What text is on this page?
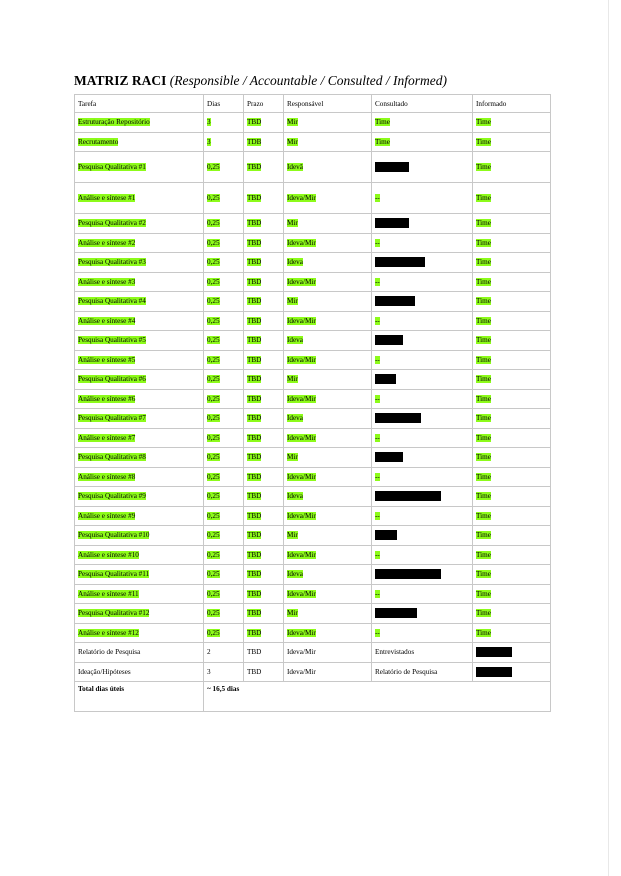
MATRIZ RACI (Responsible / Accountable / Consulted / Informed)
Tarefa	Dias	Prazo	Responsável	Consultado	Informado
Estruturação Repositório	3	TBD	Mir	Time	Time
Recrutamento	3	TDB	Mir	Time	Time
Pesquisa Qualitativa #1	0,25	TBD	Idevã		Time
Análise e síntese #1	0,25	TBD	Ideva/Mir	--	Time
Pesquisa Qualitativa #2	0,25	TBD	Mir		Time
Análise e síntese #2	0,25	TBD	Ideva/Mir	--	Time
Pesquisa Qualitativa #3	0,25	TBD	Ideva		Time
Análise e síntese #3	0,25	TBD	Ideva/Mir	--	Time
Pesquisa Qualitativa #4	0,25	TBD	Mir		Time
Análise e síntese #4	0,25	TBD	Ideva/Mir	--	Time
Pesquisa Qualitativa #5	0,25	TBD	Ideva		Time
Análise e síntese #5	0,25	TBD	Ideva/Mir	--	Time
Pesquisa Qualitativa #6	0,25	TBD	Mir		Time
Análise e síntese #6	0,25	TBD	Ideva/Mir	--	Time
Pesquisa Qualitativa #7	0,25	TBD	Ideva		Time
Análise e síntese #7	0,25	TBD	Ideva/Mir	--	Time
Pesquisa Qualitativa #8	0,25	TBD	Mir		Time
Análise e síntese #8	0,25	TBD	Ideva/Mir	--	Time
Pesquisa Qualitativa #9	0,25	TBD	Ideva		Time
Análise e síntese #9	0,25	TBD	Ideva/Mir	--	Time
Pesquisa Qualitativa #10	0,25	TBD	Mir		Time
Análise e síntese #10	0,25	TBD	Ideva/Mir	--	Time
Pesquisa Qualitativa #11	0,25	TBD	Ideva		Time
Análise e síntese #11	0,25	TBD	Ideva/Mir	--	Time
Pesquisa Qualitativa #12	0,25	TBD	Mir		Time
Análise e síntese #12	0,25	TBD	Ideva/Mir	--	Time
Relatório de Pesquisa	2	TBD	Ideva/Mir	Entrevistados	
Ideação/Hipóteses	3	TBD	Ideva/Mir	Relatório de Pesquisa	
Total dias úteis	~ 16,5 dias				
